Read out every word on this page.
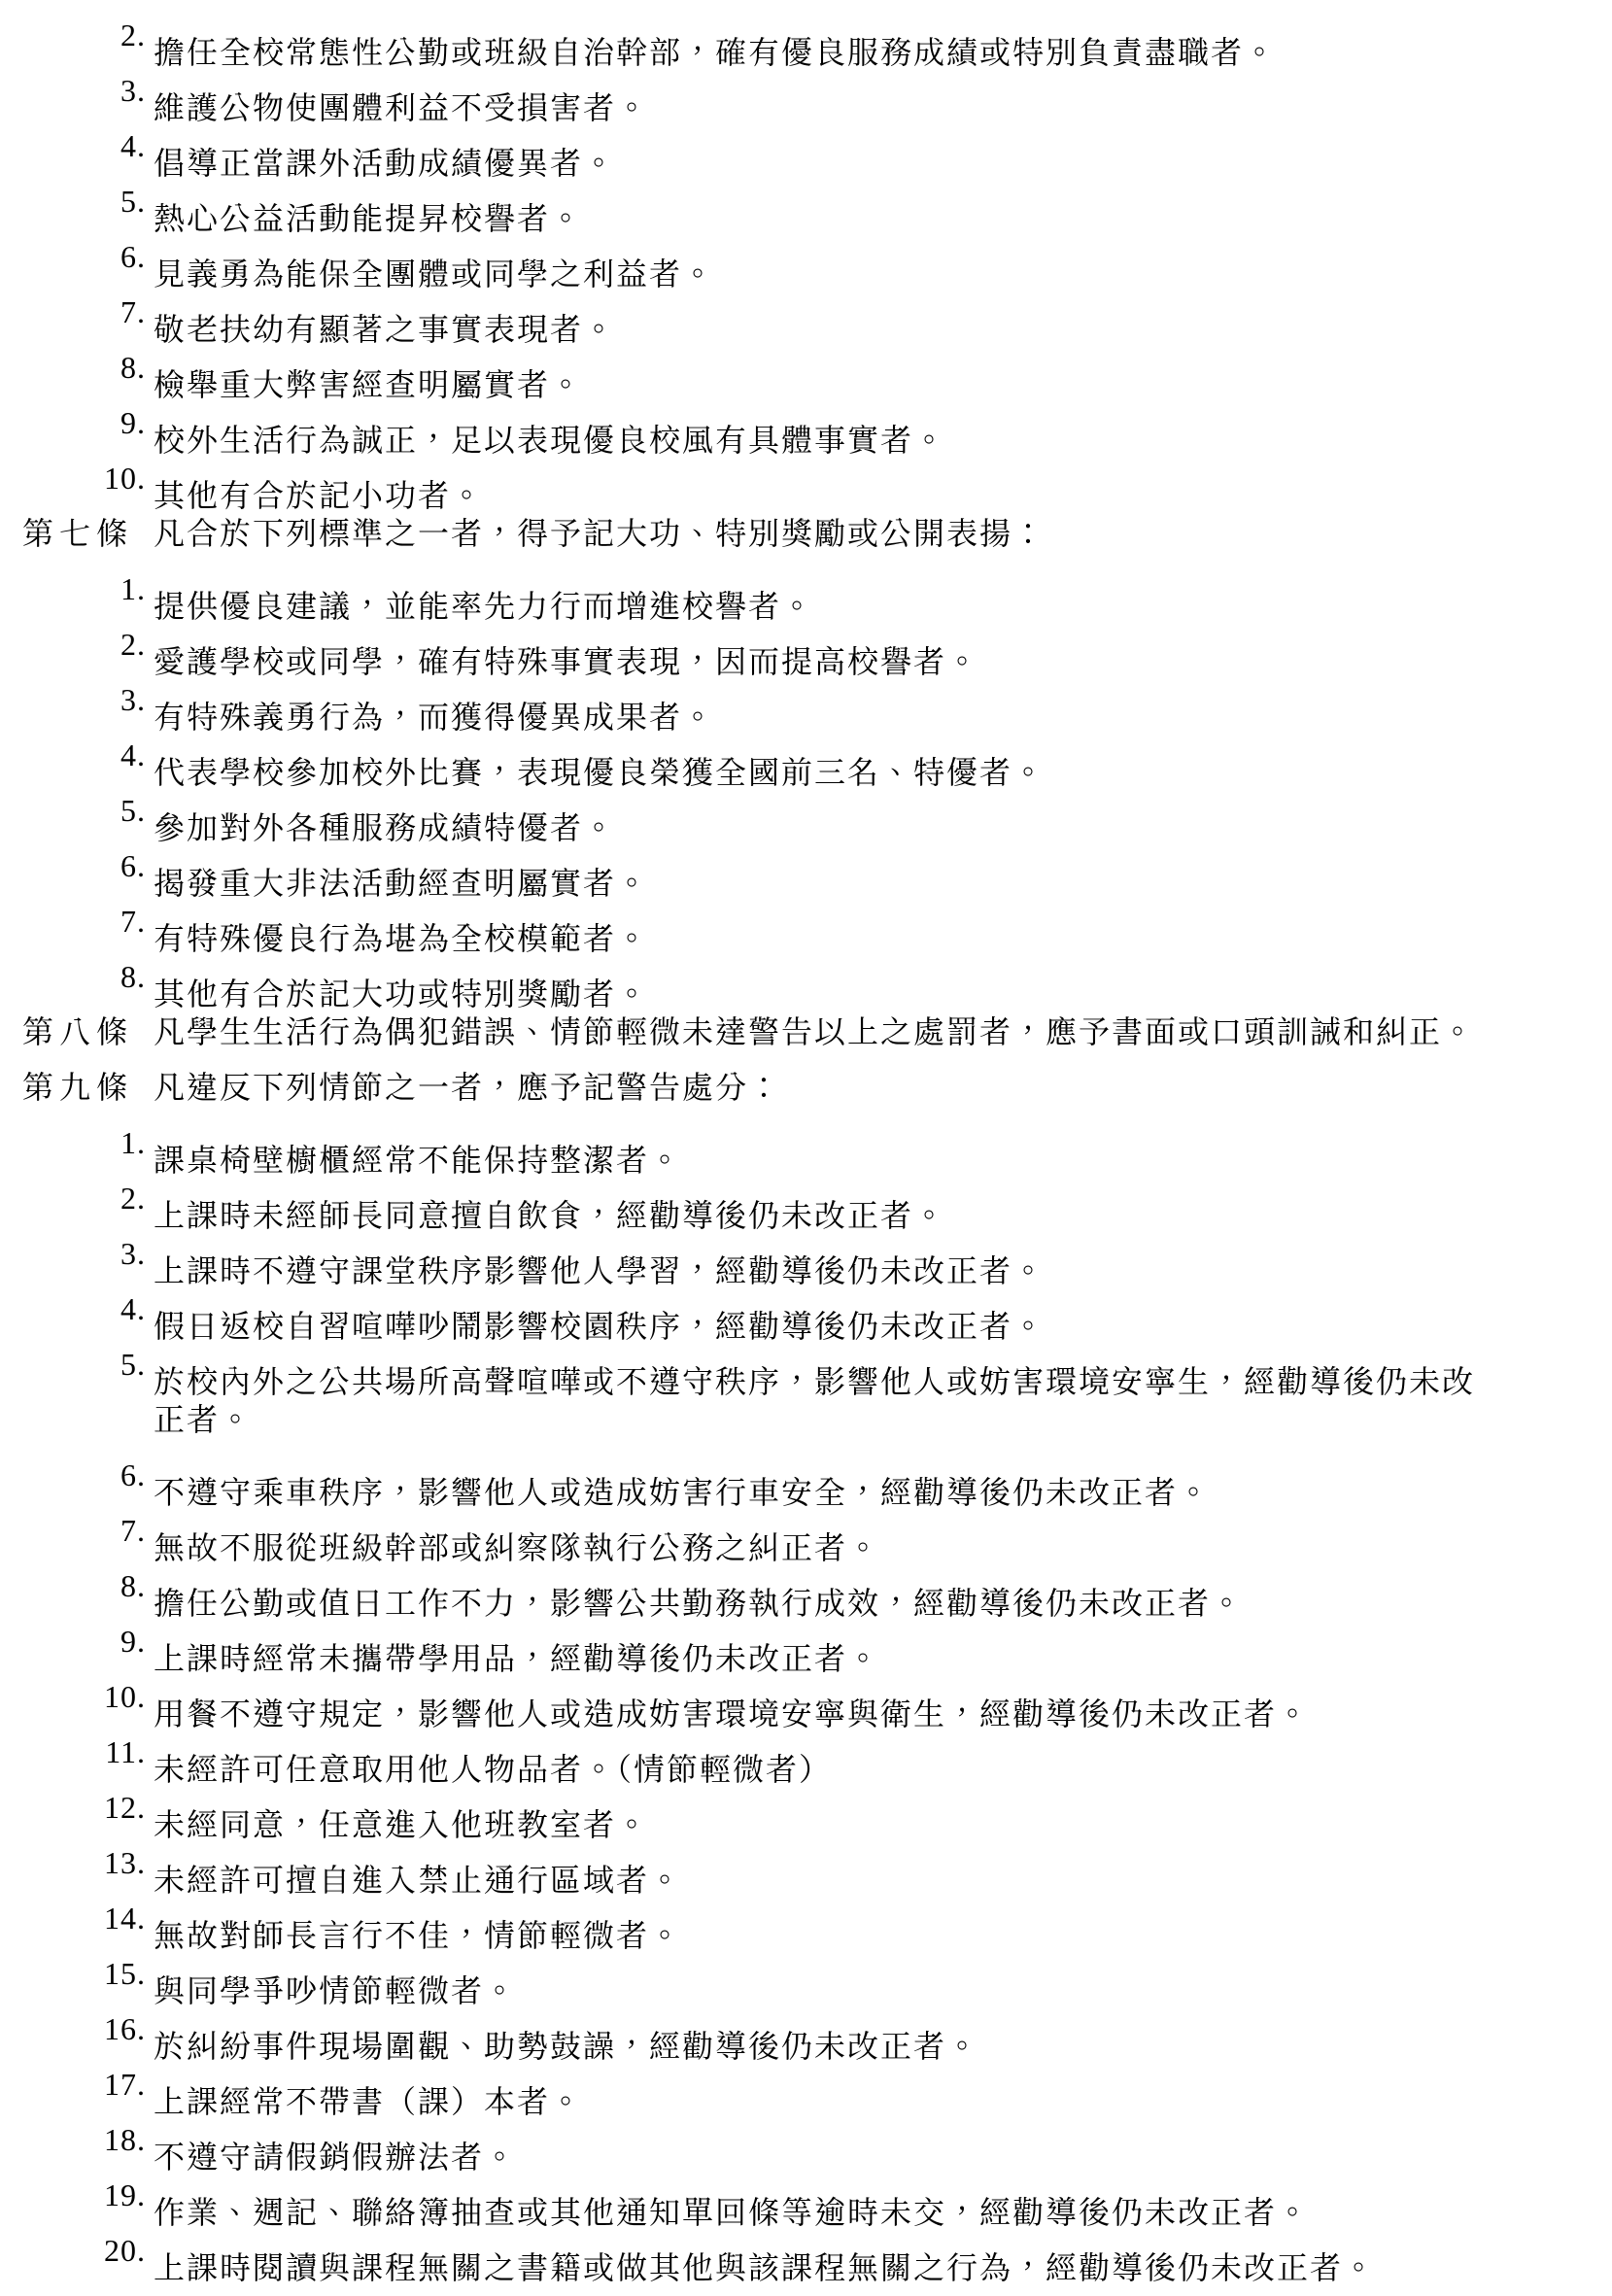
2. 擔任全校常態性公勤或班級自治幹部，確有優良服務成績或特別負責盡職者。
3. 維護公物使團體利益不受損害者。
4. 倡導正當課外活動成績優異者。
5. 熱心公益活動能提昇校譽者。
6. 見義勇為能保全團體或同學之利益者。
7. 敬老扶幼有顯著之事實表現者。
8. 檢舉重大弊害經查明屬實者。
9. 校外生活行為誠正，足以表現優良校風有具體事實者。
10. 其他有合於記小功者。
第七條 凡合於下列標準之一者，得予記大功、特別獎勵或公開表揚：
1. 提供優良建議，並能率先力行而增進校譽者。
2. 愛護學校或同學，確有特殊事實表現，因而提高校譽者。
3. 有特殊義勇行為，而獲得優異成果者。
4. 代表學校參加校外比賽，表現優良榮獲全國前三名、特優者。
5. 參加對外各種服務成績特優者。
6. 揭發重大非法活動經查明屬實者。
7. 有特殊優良行為堪為全校模範者。
8. 其他有合於記大功或特別獎勵者。
第八條 凡學生生活行為偶犯錯誤、情節輕微未達警告以上之處罰者，應予書面或口頭訓誡和糾正。
第九條 凡違反下列情節之一者，應予記警告處分：
1. 課桌椅壁櫥櫃經常不能保持整潔者。
2. 上課時未經師長同意擅自飲食，經勸導後仍未改正者。
3. 上課時不遵守課堂秩序影響他人學習，經勸導後仍未改正者。
4. 假日返校自習喧嘩吵鬧影響校園秩序，經勸導後仍未改正者。
5. 於校內外之公共場所高聲喧嘩或不遵守秩序，影響他人或妨害環境安寧生，經勸導後仍未改
正者。
6. 不遵守乘車秩序，影響他人或造成妨害行車安全，經勸導後仍未改正者。
7. 無故不服從班級幹部或糾察隊執行公務之糾正者。
8. 擔任公勤或值日工作不力，影響公共勤務執行成效，經勸導後仍未改正者。
9. 上課時經常未攜帶學用品，經勸導後仍未改正者。
10. 用餐不遵守規定，影響他人或造成妨害環境安寧與衛生，經勸導後仍未改正者。
11. 未經許可任意取用他人物品者。（情節輕微者）
12. 未經同意，任意進入他班教室者。
13. 未經許可擅自進入禁止通行區域者。
14. 無故對師長言行不佳，情節輕微者。
15. 與同學爭吵情節輕微者。
16. 於糾紛事件現場圍觀、助勢鼓譟，經勸導後仍未改正者。
17. 上課經常不帶書（課）本者。
18. 不遵守請假銷假辦法者。
19. 作業、週記、聯絡簿抽查或其他通知單回條等逾時未交，經勸導後仍未改正者。
20. 上課時閱讀與課程無關之書籍或做其他與該課程無關之行為，經勸導後仍未改正者。
